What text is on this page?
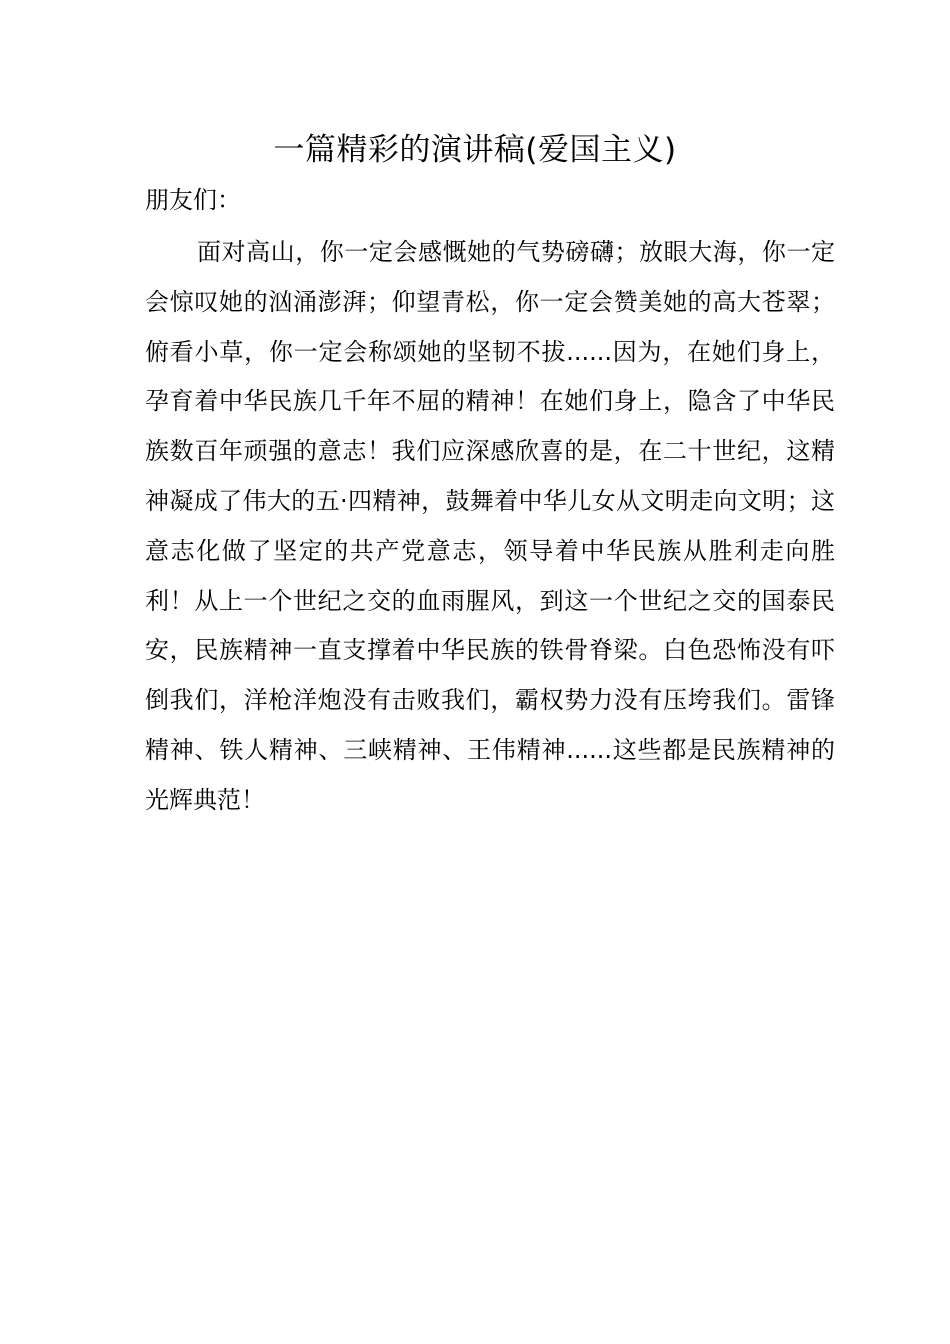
一篇精彩的演讲稿(爱国主义)

朋友们：

面对高山，你一定会感慨她的气势磅礴；放眼大海，你一定会惊叹她的汹涌澎湃；仰望青松，你一定会赞美她的高大苍翠；俯看小草，你一定会称颂她的坚韧不拔......因为，在她们身上，孕育着中华民族几千年不屈的精神！在她们身上，隐含了中华民族数百年顽强的意志！我们应深感欣喜的是，在二十世纪，这精神凝成了伟大的五·四精神，鼓舞着中华儿女从文明走向文明；这意志化做了坚定的共产党意志，领导着中华民族从胜利走向胜利！从上一个世纪之交的血雨腥风，到这一个世纪之交的国泰民安，民族精神一直支撑着中华民族的铁骨脊梁。白色恐怖没有吓倒我们，洋枪洋炮没有击败我们，霸权势力没有压垮我们。雷锋精神、铁人精神、三峡精神、王伟精神......这些都是民族精神的光辉典范！
